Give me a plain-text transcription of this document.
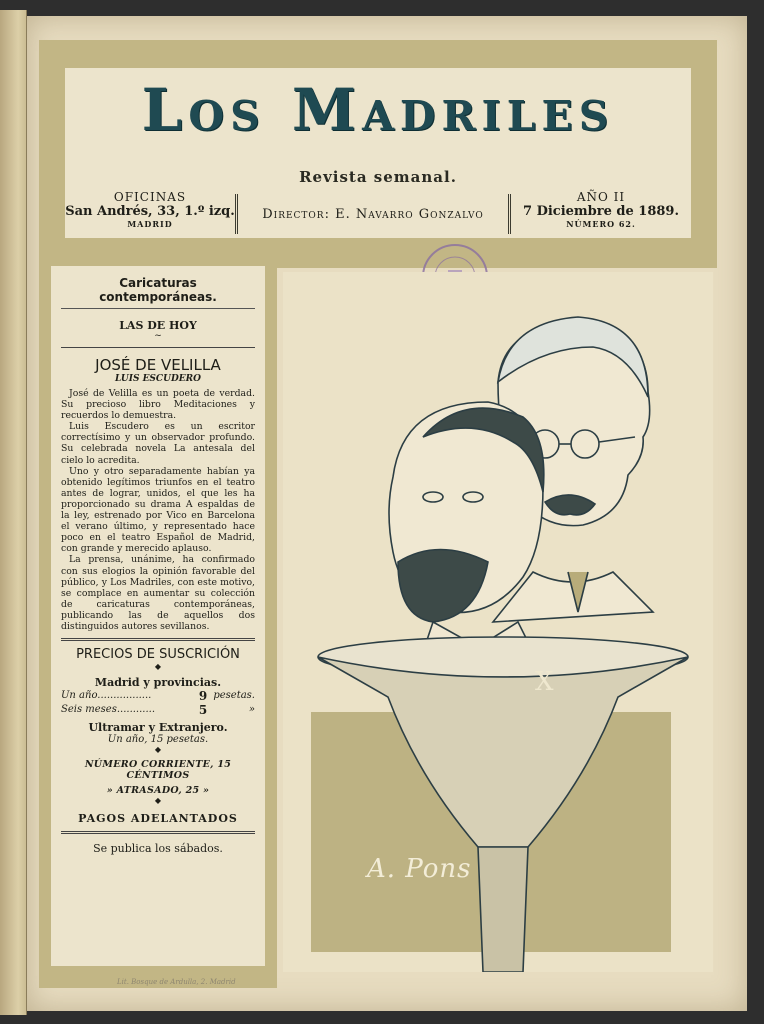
Los Madriles
Revista semanal.
OFICINAS
San Andrés, 33, 1.º izq.
MADRID
Director: E. Navarro Gonzalvo
AÑO II
7 Diciembre de 1889.
NÚMERO 62.
Caricaturas contemporáneas.
LAS DE HOY
~
JOSÉ DE VELILLA
LUIS ESCUDERO

José de Velilla es un poeta de verdad. Su precioso libro Meditaciones y recuerdos lo demuestra.

Luis Escudero es un escritor correctísimo y un observador profundo. Su celebrada novela La antesala del cielo lo acredita.

Uno y otro separadamente habían ya obtenido legítimos triunfos en el teatro antes de lograr, unidos, el que les ha proporcionado su drama A espaldas de la ley, estrenado por Vico en Barcelona el verano último, y representado hace poco en el teatro Español de Madrid, con grande y merecido aplauso.

La prensa, unánime, ha confirmado con sus elogios la opinión favorable del público, y Los Madriles, con este motivo, se complace en aumentar su colección de caricaturas contemporáneas, publicando las de aquellos dos distinguidos autores sevillanos.

PRECIOS DE SUSCRICIÓN
◆
Madrid y provincias.
Un año.................	9 pesetas.
Seis meses............	5	»
Ultramar y Extranjero.
Un año, 15 pesetas.
◆
NÚMERO CORRIENTE, 15 CÉNTIMOS
» ATRASADO, 25 »
◆
PAGOS ADELANTADOS
Se publica los sábados.
X
A. Pons
Lit. Bosque de Ardulla, 2. Madrid
